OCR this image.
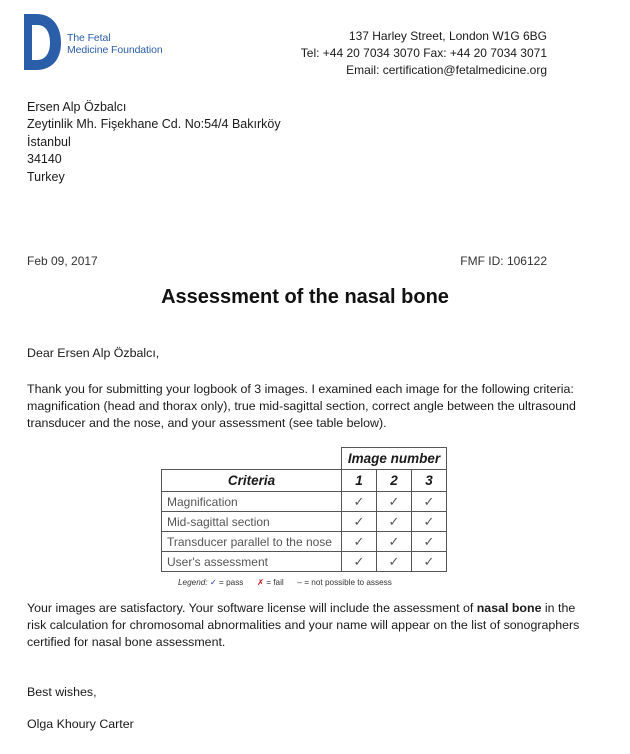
The Fetal
Medicine Foundation
137 Harley Street, London W1G 6BG
Tel: +44 20 7034 3070 Fax: +44 20 7034 3071
Email: certification@fetalmedicine.org
Ersen Alp Özbalcı
Zeytinlik Mh. Fişekhane Cd. No:54/4 Bakırköy
İstanbul
34140
Turkey
Feb 09, 2017	FMF ID: 106122
Assessment of the nasal bone
Dear Ersen Alp Özbalcı,
Thank you for submitting your logbook of 3 images. I examined each image for the following criteria: magnification (head and thorax only), true mid-sagittal section, correct angle between the ultrasound transducer and the nose, and your assessment (see table below).
	Image number		
Criteria	1	2	3
Magnification	✓	✓	✓
Mid-sagittal section	✓	✓	✓
Transducer parallel to the nose	✓	✓	✓
User's assessment	✓	✓	✓
Legend: ✓ = pass ✗ = fail – = not possible to assess
Your images are satisfactory. Your software license will include the assessment of nasal bone in the risk calculation for chromosomal abnormalities and your name will appear on the list of sonographers certified for nasal bone assessment.
Best wishes,
Olga Khoury Carter
